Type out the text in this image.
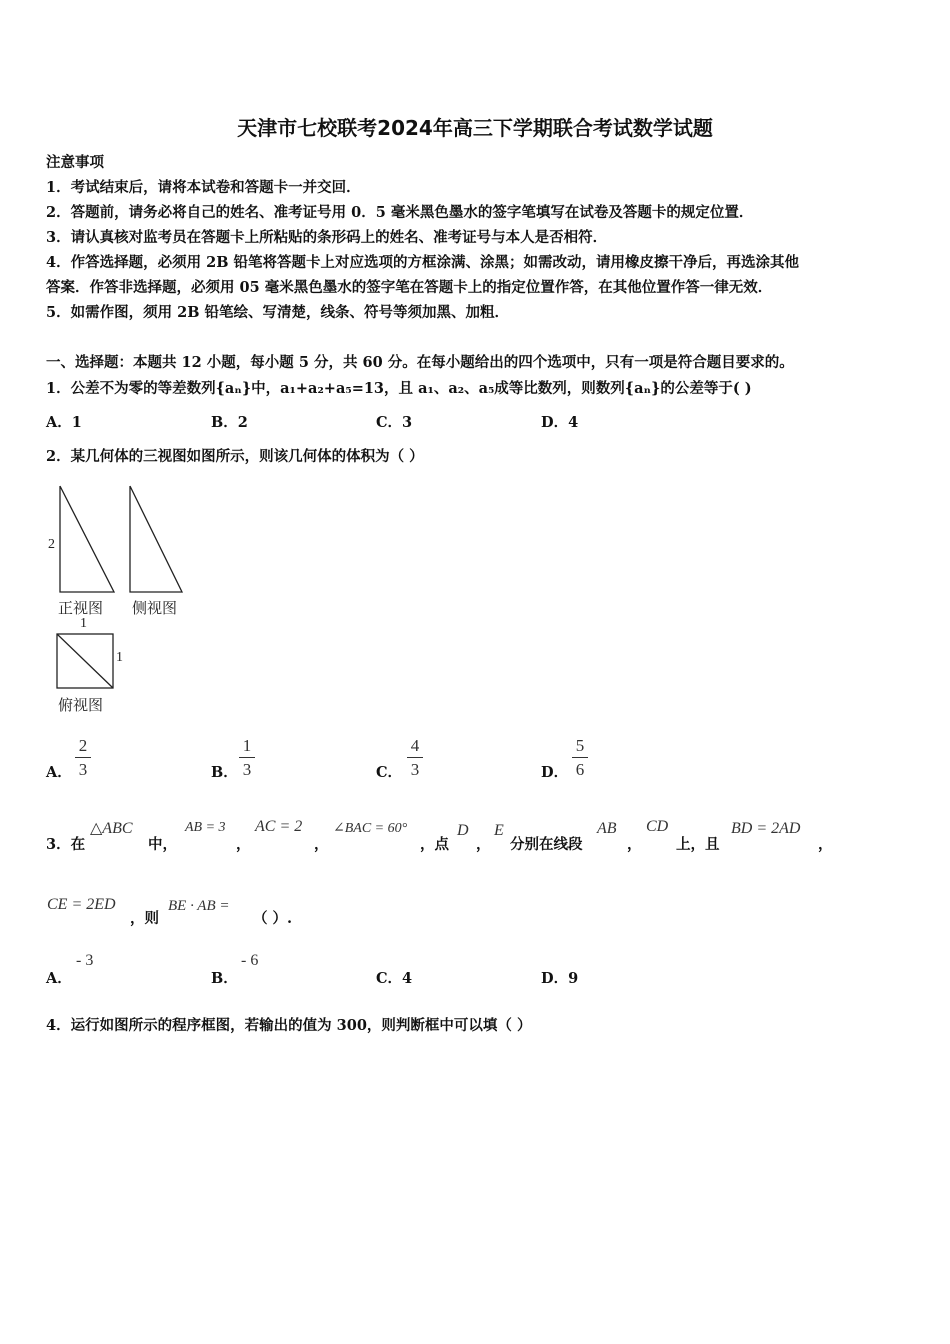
天津市七校联考2024年高三下学期联合考试数学试题
注意事项
1．考试结束后，请将本试卷和答题卡一并交回．
2．答题前，请务必将自己的姓名、准考证号用 0．5 毫米黑色墨水的签字笔填写在试卷及答题卡的规定位置．
3．请认真核对监考员在答题卡上所粘贴的条形码上的姓名、准考证号与本人是否相符．
4．作答选择题，必须用 2B 铅笔将答题卡上对应选项的方框涂满、涂黑；如需改动，请用橡皮擦干净后，再选涂其他
答案．作答非选择题，必须用 05 毫米黑色墨水的签字笔在答题卡上的指定位置作答，在其他位置作答一律无效．
5．如需作图，须用 2B 铅笔绘、写清楚，线条、符号等须加黑、加粗．
一、选择题：本题共 12 小题，每小题 5 分，共 60 分。在每小题给出的四个选项中，只有一项是符合题目要求的。
1．公差不为零的等差数列{aₙ}中，a₁+a₂+a₅=13，且 a₁、a₂、a₅成等比数列，则数列{aₙ}的公差等于( )
A．1	B．2	C．3	D．4
2．某几何体的三视图如图所示，则该几何体的体积为（ ）
2
正视图 侧视图
1
1
俯视图
A．
2
3	B．
1
3	C．
4
3	D．
5
6
3．在
△ABC
中，
AB = 3
，
AC = 2
，
∠BAC = 60°
，点
D
，
E
分别在线段
AB
，
CD
上，且
BD = 2AD
，
CE = 2ED
，则
BE · AB =
（ ）.
A．
- 3
B．
- 6
C．4	D．9
4．运行如图所示的程序框图，若输出的值为 300，则判断框中可以填（ ）
